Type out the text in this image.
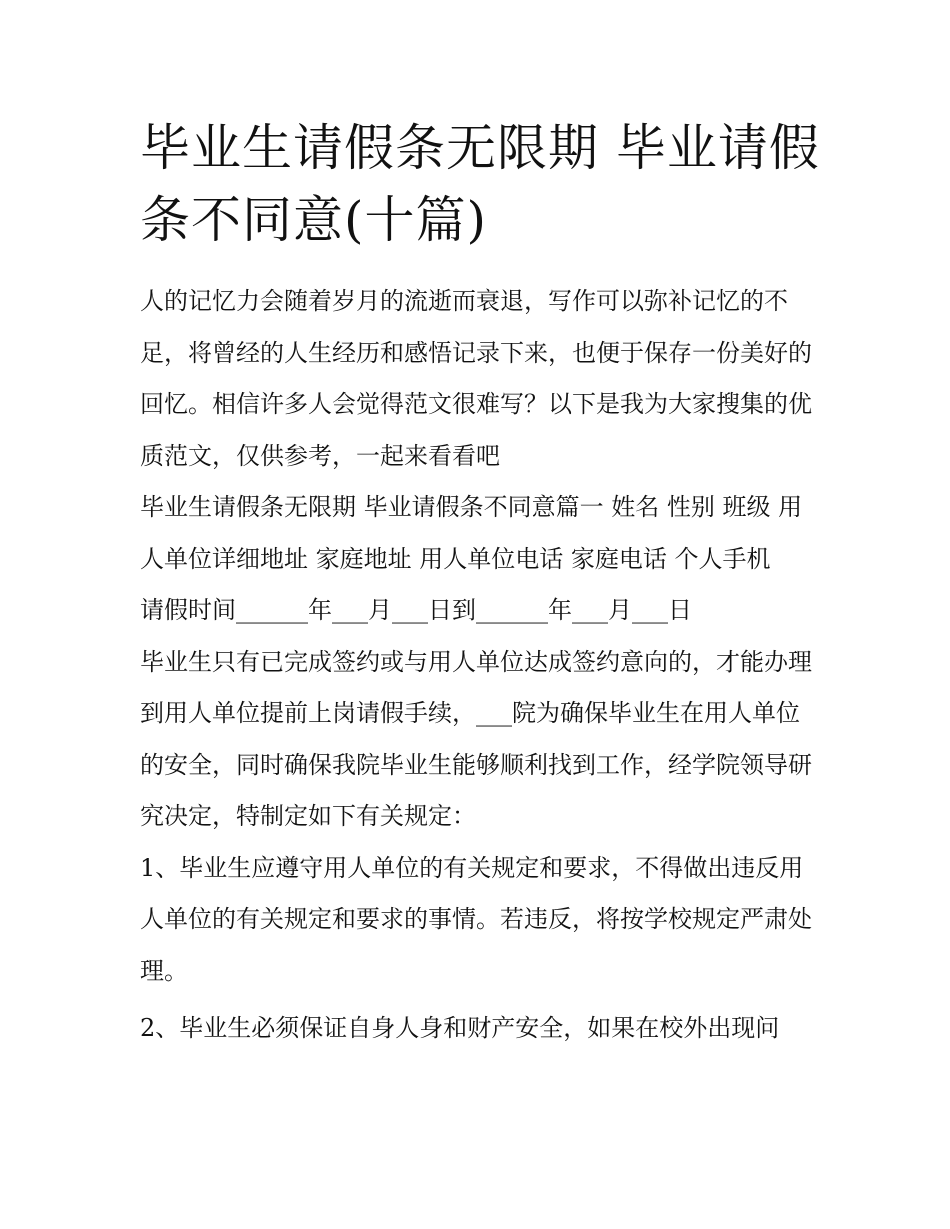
毕业生请假条无限期 毕业请假条不同意(十篇)

人的记忆力会随着岁月的流逝而衰退，写作可以弥补记忆的不足，将曾经的人生经历和感悟记录下来，也便于保存一份美好的回忆。相信许多人会觉得范文很难写？以下是我为大家搜集的优质范文，仅供参考，一起来看看吧

毕业生请假条无限期 毕业请假条不同意篇一 姓名 性别 班级 用人单位详细地址 家庭地址 用人单位电话 家庭电话 个人手机

请假时间______年___月___日到______年___月___日

毕业生只有已完成签约或与用人单位达成签约意向的，才能办理到用人单位提前上岗请假手续，___院为确保毕业生在用人单位的安全，同时确保我院毕业生能够顺利找到工作，经学院领导研究决定，特制定如下有关规定：

1、毕业生应遵守用人单位的有关规定和要求，不得做出违反用人单位的有关规定和要求的事情。若违反，将按学校规定严肃处理。

2、毕业生必须保证自身人身和财产安全，如果在校外出现问
